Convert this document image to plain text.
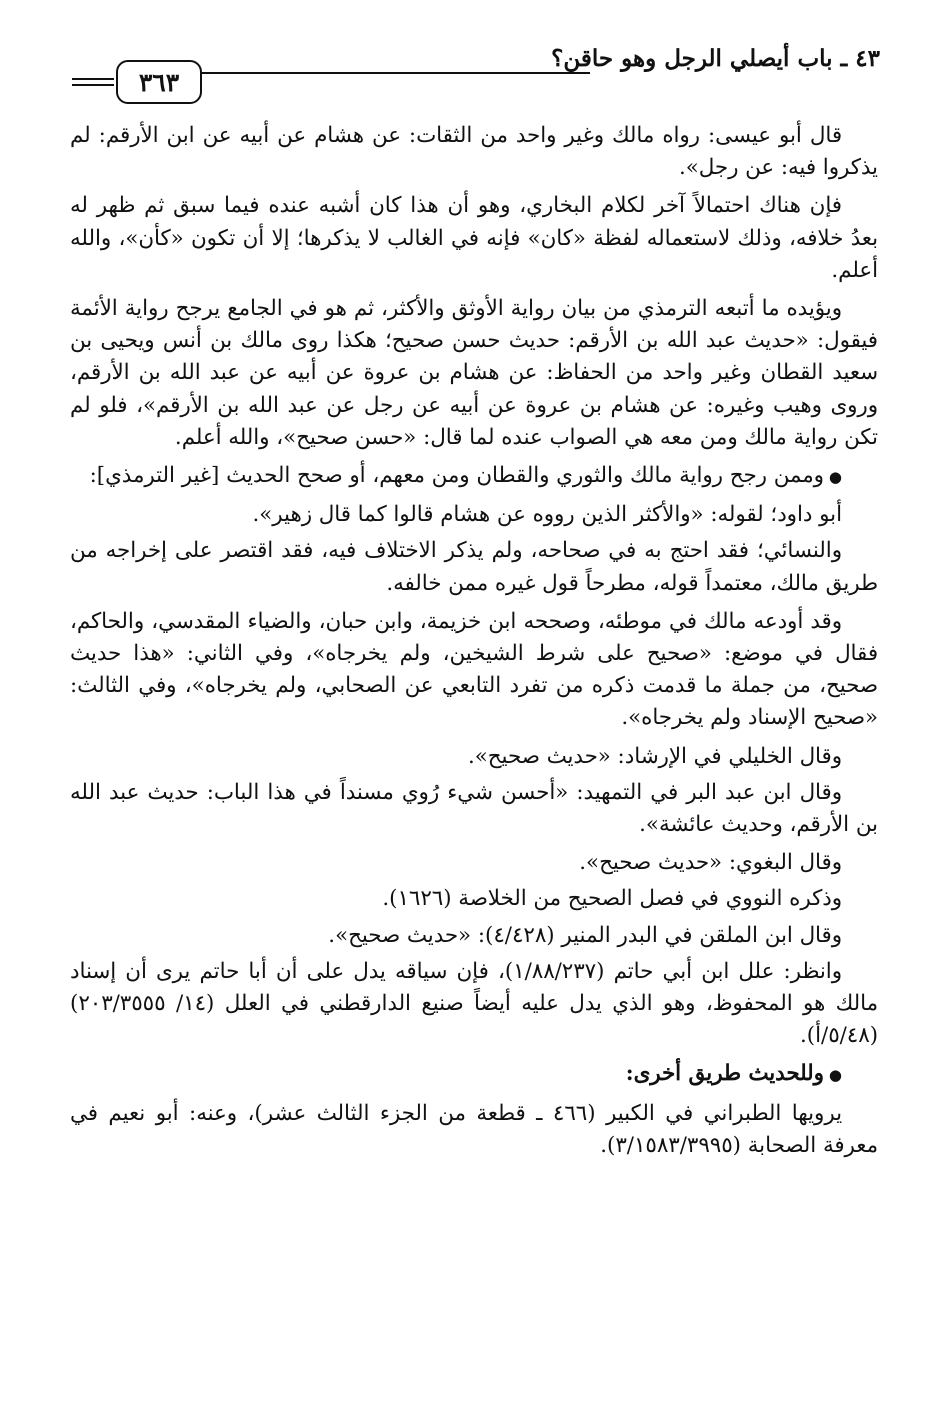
٣٦٣
٤٣ ـ باب أيصلي الرجل وهو حاقن؟

قال أبو عيسى: رواه مالك وغير واحد من الثقات: عن هشام عن أبيه عن ابن الأرقم: لم يذكروا فيه: عن رجل».

فإن هناك احتمالاً آخر لكلام البخاري، وهو أن هذا كان أشبه عنده فيما سبق ثم ظهر له بعدُ خلافه، وذلك لاستعماله لفظة «كان» فإنه في الغالب لا يذكرها؛ إلا أن تكون «كأن»، والله أعلم.

ويؤيده ما أتبعه الترمذي من بيان رواية الأوثق والأكثر، ثم هو في الجامع يرجح رواية الأئمة فيقول: «حديث عبد الله بن الأرقم: حديث حسن صحيح؛ هكذا روى مالك بن أنس ويحيى بن سعيد القطان وغير واحد من الحفاظ: عن هشام بن عروة عن أبيه عن عبد الله بن الأرقم، وروى وهيب وغيره: عن هشام بن عروة عن أبيه عن رجل عن عبد الله بن الأرقم»، فلو لم تكن رواية مالك ومن معه هي الصواب عنده لما قال: «حسن صحيح»، والله أعلم.

●وممن رجح رواية مالك والثوري والقطان ومن معهم، أو صحح الحديث [غير الترمذي]:

أبو داود؛ لقوله: «والأكثر الذين رووه عن هشام قالوا كما قال زهير».

والنسائي؛ فقد احتج به في صحاحه، ولم يذكر الاختلاف فيه، فقد اقتصر على إخراجه من طريق مالك، معتمداً قوله، مطرحاً قول غيره ممن خالفه.

وقد أودعه مالك في موطئه، وصححه ابن خزيمة، وابن حبان، والضياء المقدسي، والحاكم، فقال في موضع: «صحيح على شرط الشيخين، ولم يخرجاه»، وفي الثاني: «هذا حديث صحيح، من جملة ما قدمت ذكره من تفرد التابعي عن الصحابي، ولم يخرجاه»، وفي الثالث: «صحيح الإسناد ولم يخرجاه».

وقال الخليلي في الإرشاد: «حديث صحيح».

وقال ابن عبد البر في التمهيد: «أحسن شيء رُوي مسنداً في هذا الباب: حديث عبد الله بن الأرقم، وحديث عائشة».

وقال البغوي: «حديث صحيح».

وذكره النووي في فصل الصحيح من الخلاصة (١٦٢٦).

وقال ابن الملقن في البدر المنير (٤/٤٢٨): «حديث صحيح».

وانظر: علل ابن أبي حاتم (١/٨٨/٢٣٧)، فإن سياقه يدل على أن أبا حاتم يرى أن إسناد مالك هو المحفوظ، وهو الذي يدل عليه أيضاً صنيع الدارقطني في العلل (١٤/ ٢٠٣/٣٥٥٥) (٥/٤٨/أ).

●وللحديث طريق أخرى:

يرويها الطبراني في الكبير (٤٦٦ ـ قطعة من الجزء الثالث عشر)، وعنه: أبو نعيم في معرفة الصحابة (٣/١٥٨٣/٣٩٩٥).
